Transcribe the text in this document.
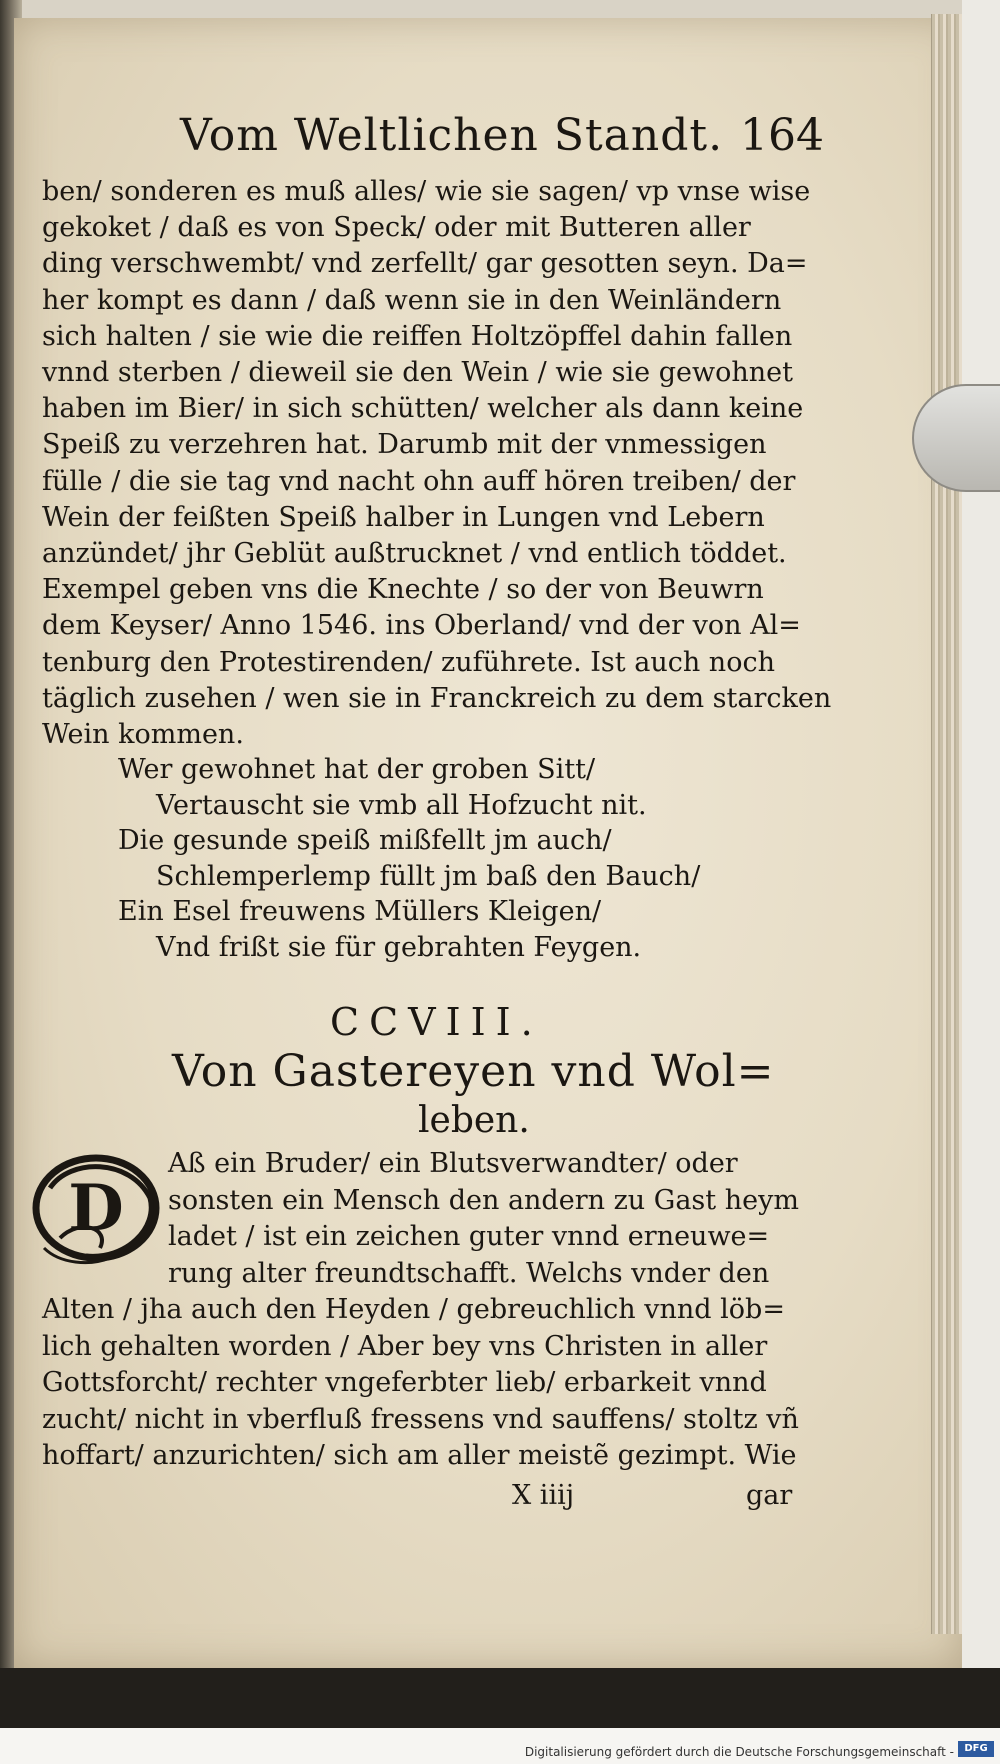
Vom Weltlichen Standt. 164
ben/ sonderen es muß alles/ wie sie sagen/ vp vnse wise
gekoket / daß es von Speck/ oder mit Butteren aller
ding verschwembt/ vnd zerfellt/ gar gesotten seyn. Da=
her kompt es dann / daß wenn sie in den Weinländern
sich halten / sie wie die reiffen Holtzöpffel dahin fallen
vnnd sterben / dieweil sie den Wein / wie sie gewohnet
haben im Bier/ in sich schütten/ welcher als dann keine
Speiß zu verzehren hat. Darumb mit der vnmessigen
fülle / die sie tag vnd nacht ohn auff hören treiben/ der
Wein der feißten Speiß halber in Lungen vnd Lebern
anzündet/ jhr Geblüt außtrucknet / vnd entlich töddet.
Exempel geben vns die Knechte / so der von Beuwrn
dem Keyser/ Anno 1546. ins Oberland/ vnd der von Al=
tenburg den Protestirenden/ zuführete. Ist auch noch
täglich zusehen / wen sie in Franckreich zu dem starcken
Wein kommen.
Wer gewohnet hat der groben Sitt/
Vertauscht sie vmb all Hofzucht nit.
Die gesunde speiß mißfellt jm auch/
Schlemperlemp füllt jm baß den Bauch/
Ein Esel freuwens Müllers Kleigen/
Vnd frißt sie für gebrahten Feygen.
CCVIII.
Von Gastereyen vnd Wol=
leben.
D
Aß ein Bruder/ ein Blutsverwandter/ oder
sonsten ein Mensch den andern zu Gast heym
ladet / ist ein zeichen guter vnnd erneuwe=
rung alter freundtschafft. Welchs vnder den
Alten / jha auch den Heyden / gebreuchlich vnnd löb=
lich gehalten worden / Aber bey vns Christen in aller
Gottsforcht/ rechter vngeferbter lieb/ erbarkeit vnnd
zucht/ nicht in vberfluß fressens vnd sauffens/ stoltz vñ
hoffart/ anzurichten/ sich am aller meistẽ gezimpt. Wie
X iiij	gar
Digitalisierung gefördert durch die Deutsche Forschungsgemeinschaft -	DFG
